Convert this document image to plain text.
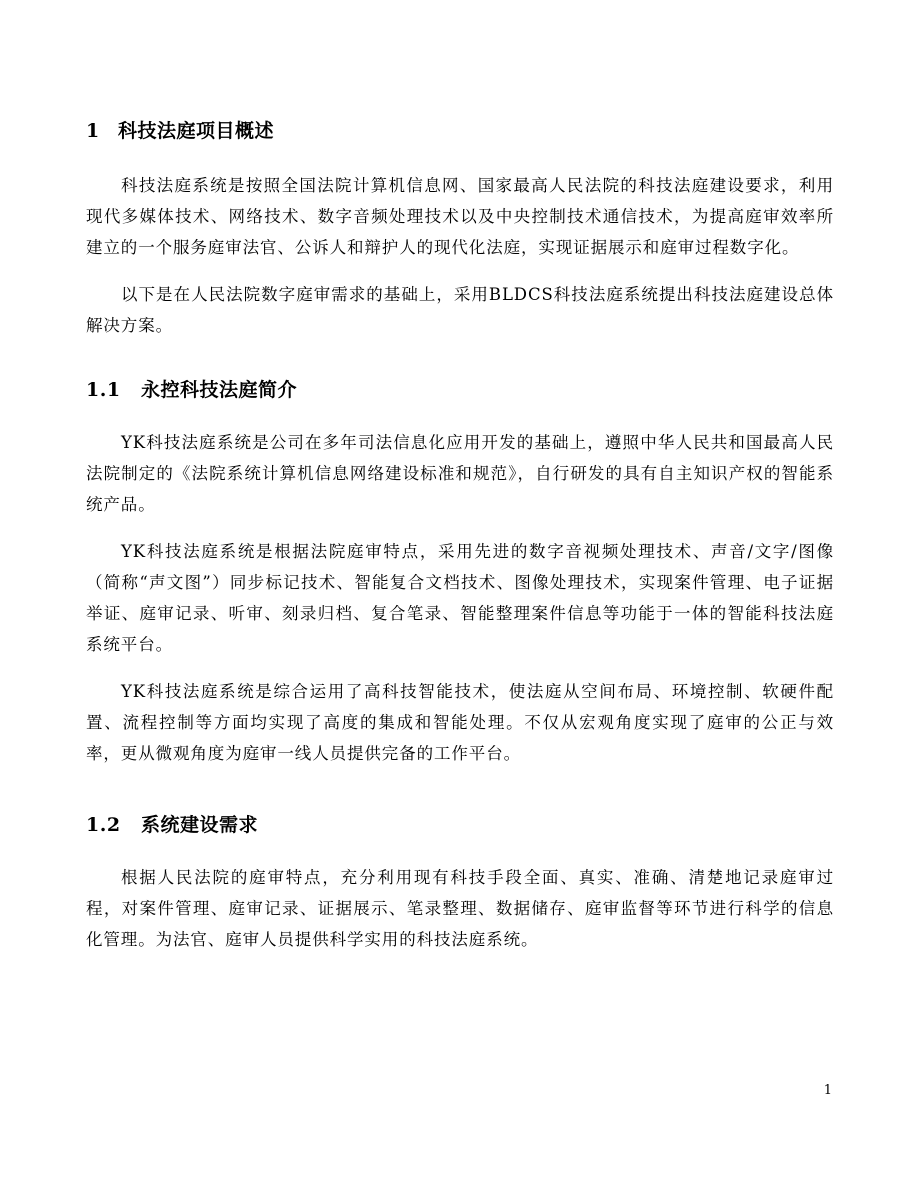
1 科技法庭项目概述

科技法庭系统是按照全国法院计算机信息网、国家最高人民法院的科技法庭建设要求，利用现代多媒体技术、网络技术、数字音频处理技术以及中央控制技术通信技术，为提高庭审效率所建立的一个服务庭审法官、公诉人和辩护人的现代化法庭，实现证据展示和庭审过程数字化。

以下是在人民法院数字庭审需求的基础上，采用BLDCS科技法庭系统提出科技法庭建设总体解决方案。

1.1 永控科技法庭简介

YK科技法庭系统是公司在多年司法信息化应用开发的基础上，遵照中华人民共和国最高人民法院制定的《法院系统计算机信息网络建设标准和规范》，自行研发的具有自主知识产权的智能系统产品。

YK科技法庭系统是根据法院庭审特点，采用先进的数字音视频处理技术、声音/文字/图像（简称“声文图”）同步标记技术、智能复合文档技术、图像处理技术，实现案件管理、电子证据举证、庭审记录、听审、刻录归档、复合笔录、智能整理案件信息等功能于一体的智能科技法庭系统平台。

YK科技法庭系统是综合运用了高科技智能技术，使法庭从空间布局、环境控制、软硬件配置、流程控制等方面均实现了高度的集成和智能处理。不仅从宏观角度实现了庭审的公正与效率，更从微观角度为庭审一线人员提供完备的工作平台。

1.2 系统建设需求

根据人民法院的庭审特点，充分利用现有科技手段全面、真实、准确、清楚地记录庭审过程，对案件管理、庭审记录、证据展示、笔录整理、数据储存、庭审监督等环节进行科学的信息化管理。为法官、庭审人员提供科学实用的科技法庭系统。

1
